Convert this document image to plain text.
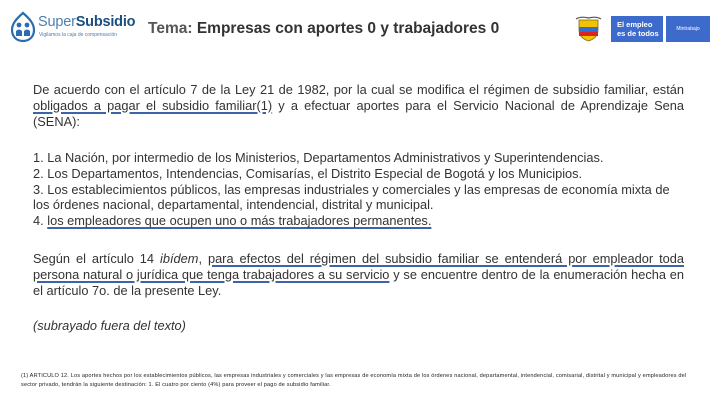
SuperSubsidio
Vigilamos la caja de compensación Tema: Empresas con aportes 0 y trabajadores 0	El empleo
es de todos	Mintrabajo
De acuerdo con el artículo 7 de la Ley 21 de 1982, por la cual se modifica el régimen de subsidio familiar, están obligados a pagar el subsidio familiar(1) y a efectuar aportes para el Servicio Nacional de Aprendizaje Sena (SENA):
1. La Nación, por intermedio de los Ministerios, Departamentos Administrativos y Superintendencias.
2. Los Departamentos, Intendencias, Comisarías, el Distrito Especial de Bogotá y los Municipios.
3. Los establecimientos públicos, las empresas industriales y comerciales y las empresas de economía mixta de los órdenes nacional, departamental, intendencial, distrital y municipal.
4. los empleadores que ocupen uno o más trabajadores permanentes.
Según el artículo 14 ibídem, para efectos del régimen del subsidio familiar se entenderá por empleador toda persona natural o jurídica que tenga trabajadores a su servicio y se encuentre dentro de la enumeración hecha en el artículo 7o. de la presente Ley.
(subrayado fuera del texto)
(1) ARTICULO 12. Los aportes hechos por los establecimientos públicos, las empresas industriales y comerciales y las empresas de economía mixta de los órdenes nacional, departamental, intendencial, comisarial, distrital y municipal y empleadores del sector privado, tendrán la siguiente destinación: 1. El cuatro por ciento (4%) para proveer el pago de subsidio familiar.
